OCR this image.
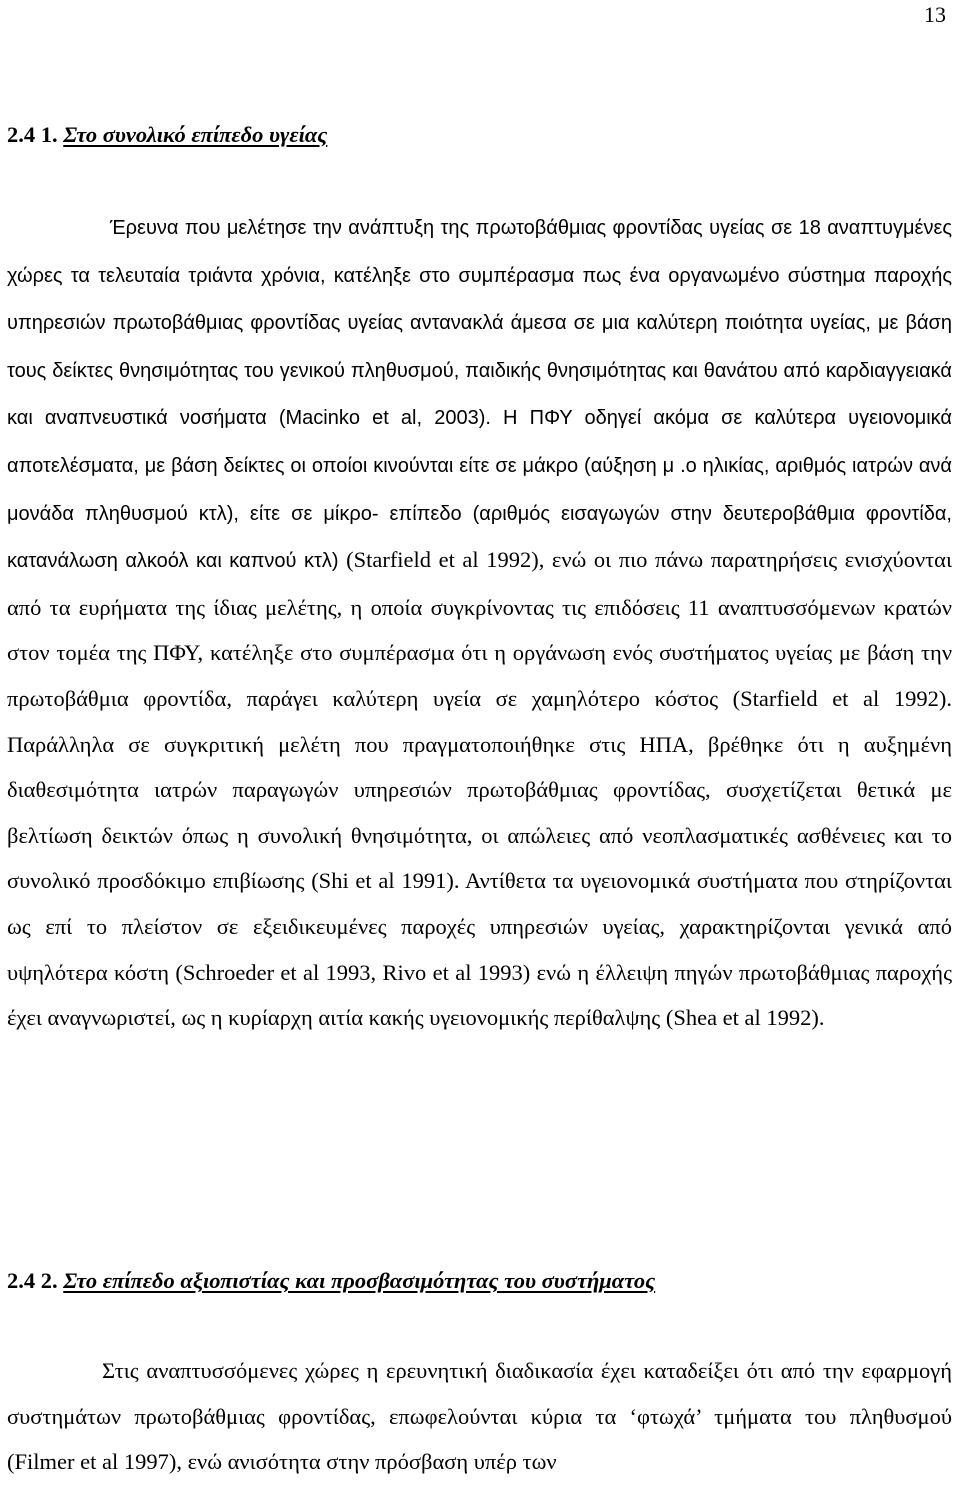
13
2.4 1. Στο συνολικό επίπεδο υγείας

Έρευνα που μελέτησε την ανάπτυξη της πρωτοβάθμιας φροντίδας υγείας σε 18 αναπτυγμένες χώρες τα τελευταία τριάντα χρόνια, κατέληξε στο συμπέρασμα πως ένα οργανωμένο σύστημα παροχής υπηρεσιών πρωτοβάθμιας φροντίδας υγείας αντανακλά άμεσα σε μια καλύτερη ποιότητα υγείας, με βάση τους δείκτες θνησιμότητας του γενικού πληθυσμού, παιδικής θνησιμότητας και θανάτου από καρδιαγγειακά και αναπνευστικά νοσήματα (Macinko et al, 2003). Η ΠΦΥ οδηγεί ακόμα σε καλύτερα υγειονομικά αποτελέσματα, με βάση δείκτες οι οποίοι κινούνται είτε σε μάκρο (αύξηση μ .ο ηλικίας, αριθμός ιατρών ανά μονάδα πληθυσμού κτλ), είτε σε μίκρο- επίπεδο (αριθμός εισαγωγών στην δευτεροβάθμια φροντίδα, κατανάλωση αλκοόλ και καπνού κτλ) (Starfield et al 1992), ενώ οι πιο πάνω παρατηρήσεις ενισχύονται από τα ευρήματα της ίδιας μελέτης, η οποία συγκρίνοντας τις επιδόσεις 11 αναπτυσσόμενων κρατών στον τομέα της ΠΦΥ, κατέληξε στο συμπέρασμα ότι η οργάνωση ενός συστήματος υγείας με βάση την πρωτοβάθμια φροντίδα, παράγει καλύτερη υγεία σε χαμηλότερο κόστος (Starfield et al 1992). Παράλληλα σε συγκριτική μελέτη που πραγματοποιήθηκε στις ΗΠΑ, βρέθηκε ότι η αυξημένη διαθεσιμότητα ιατρών παραγωγών υπηρεσιών πρωτοβάθμιας φροντίδας, συσχετίζεται θετικά με βελτίωση δεικτών όπως η συνολική θνησιμότητα, οι απώλειες από νεοπλασματικές ασθένειες και το συνολικό προσδόκιμο επιβίωσης (Shi et al 1991). Αντίθετα τα υγειονομικά συστήματα που στηρίζονται ως επί το πλείστον σε εξειδικευμένες παροχές υπηρεσιών υγείας, χαρακτηρίζονται γενικά από υψηλότερα κόστη (Schroeder et al 1993, Rivo et al 1993) ενώ η έλλειψη πηγών πρωτοβάθμιας παροχής έχει αναγνωριστεί, ως η κυρίαρχη αιτία κακής υγειονομικής περίθαλψης (Shea et al 1992).

2.4 2. Στο επίπεδο αξιοπιστίας και προσβασιμότητας του συστήματος

Στις αναπτυσσόμενες χώρες η ερευνητική διαδικασία έχει καταδείξει ότι από την εφαρμογή συστημάτων πρωτοβάθμιας φροντίδας, επωφελούνται κύρια τα ‘φτωχά’ τμήματα του πληθυσμού (Filmer et al 1997), ενώ ανισότητα στην πρόσβαση υπέρ των
